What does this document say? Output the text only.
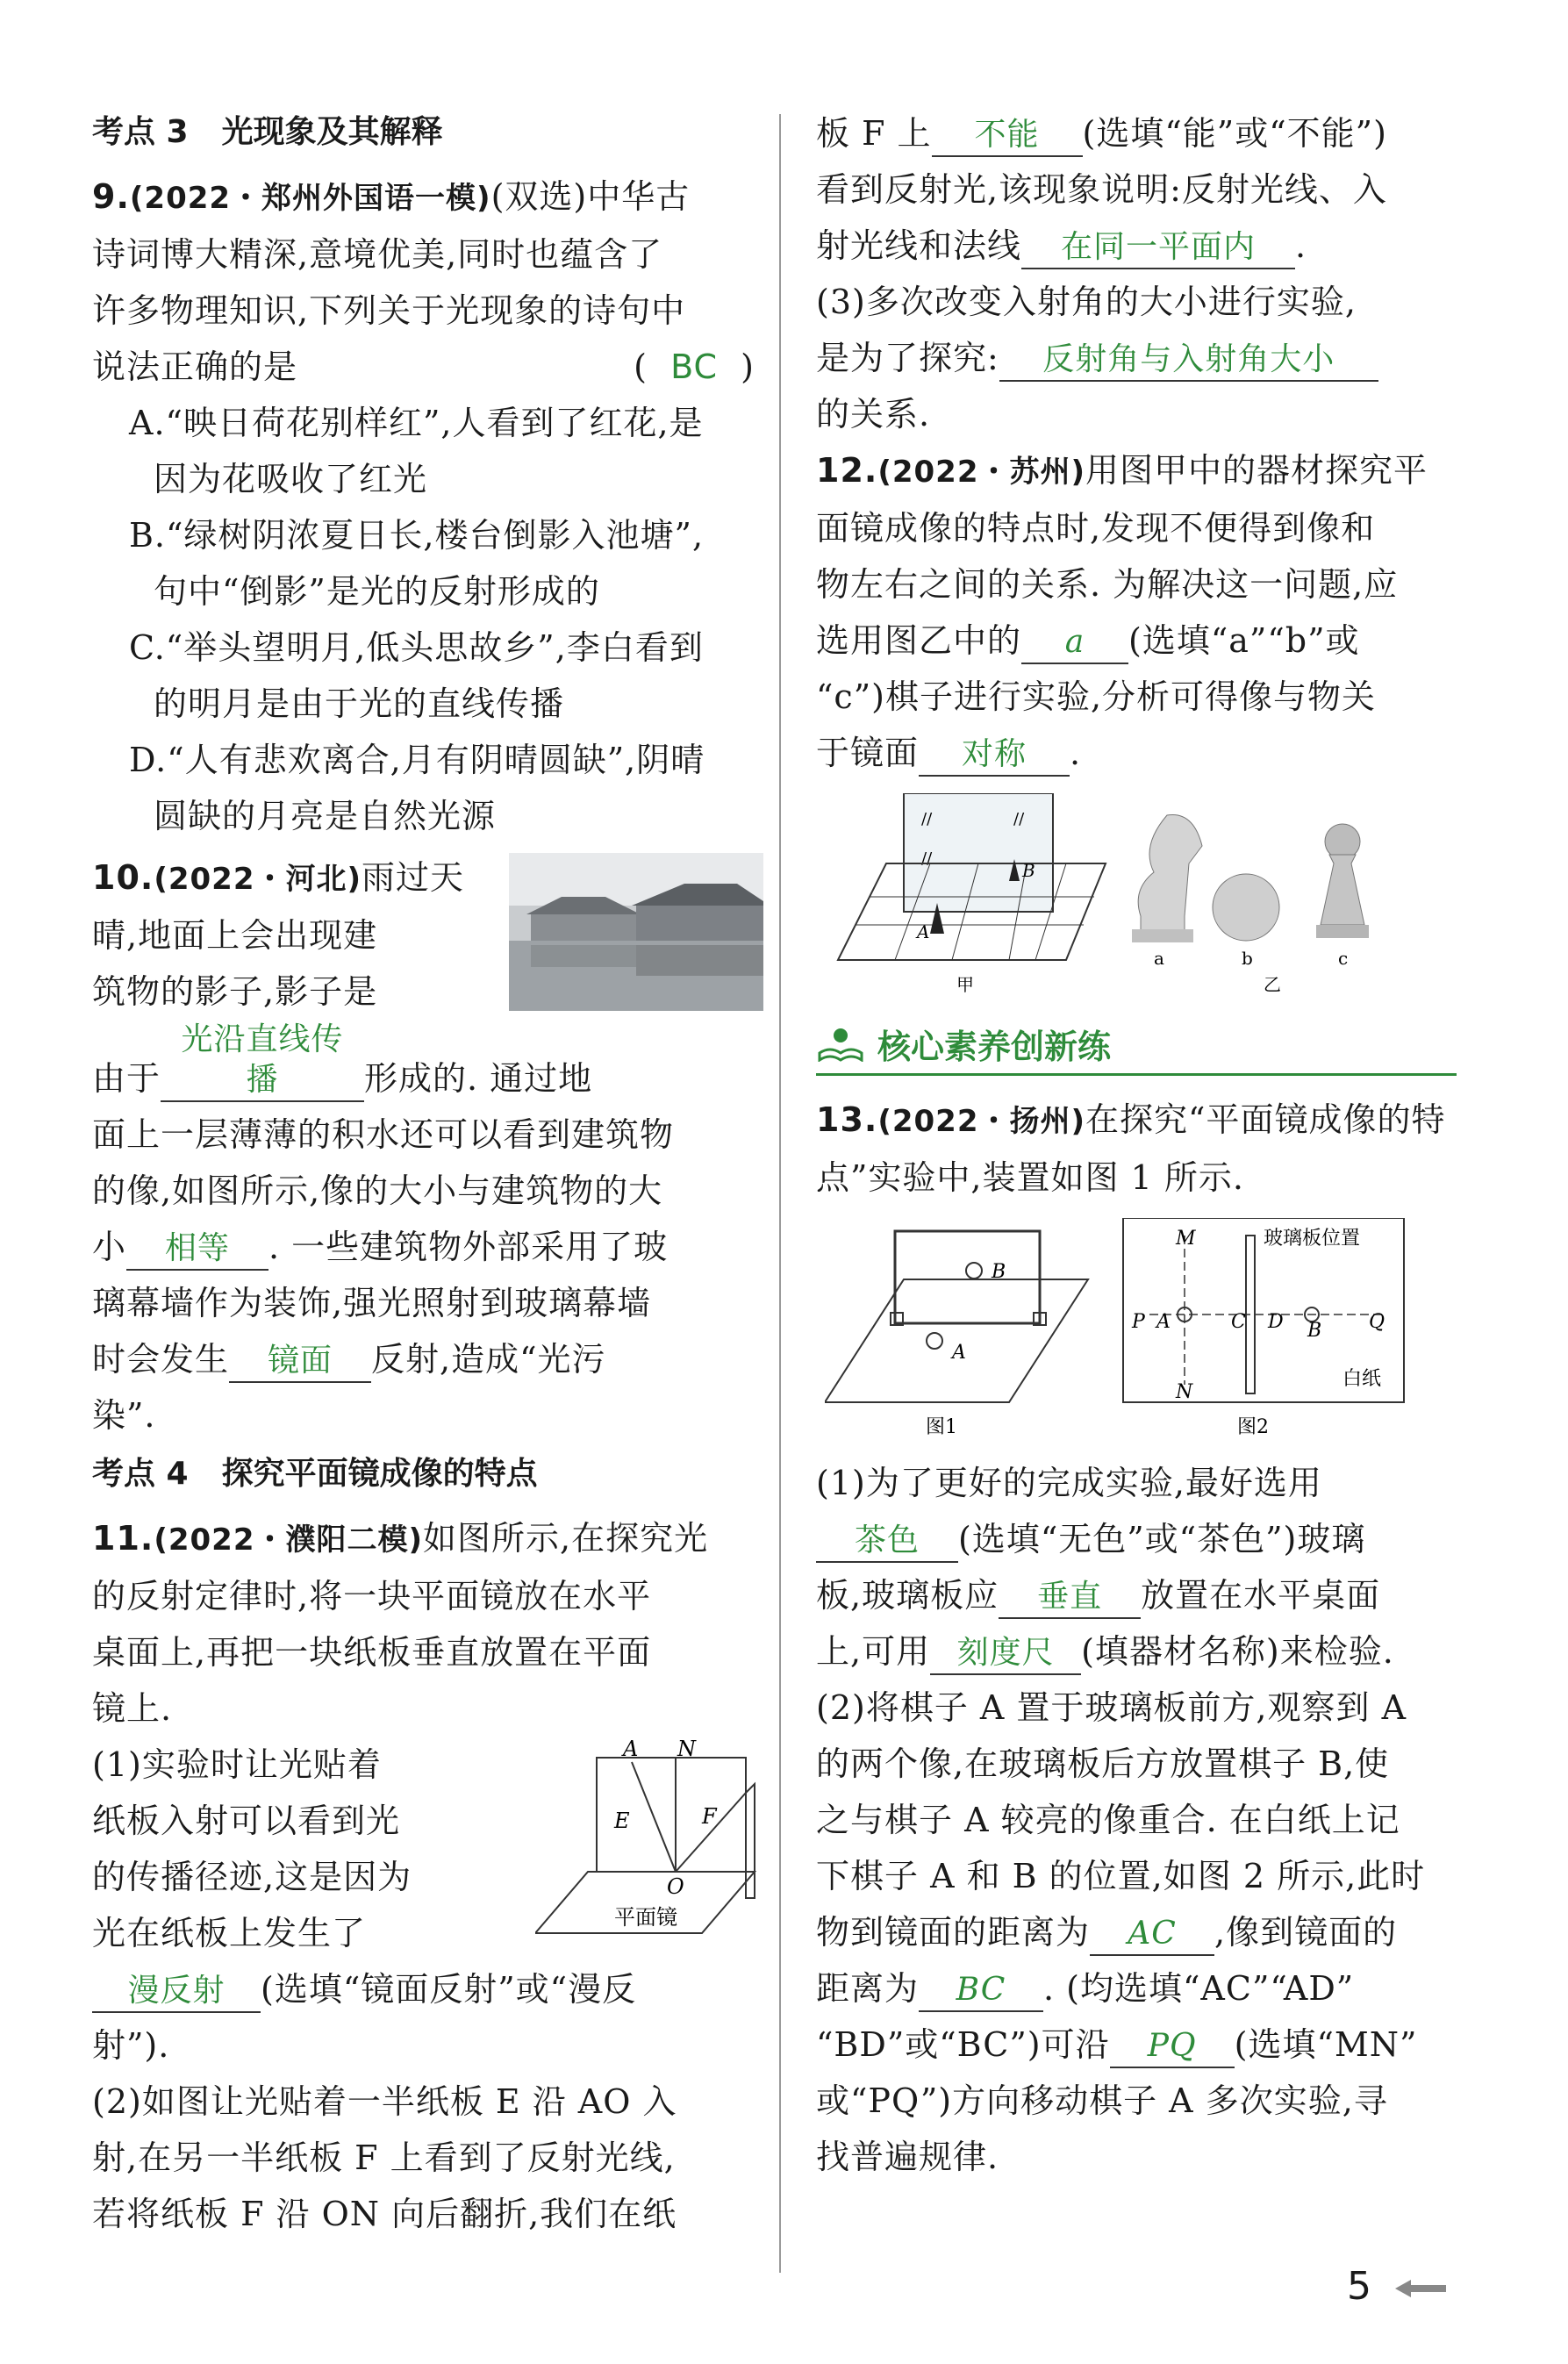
考点 3 光现象及其解释

9.(2022・郑州外国语一模)(双选)中华古

诗词博大精深,意境优美,同时也蕴含了

许多物理知识,下列关于光现象的诗句中

说法正确的是	(  BC  )

A.“映日荷花别样红”,人看到了红花,是

因为花吸收了红光

B.“绿树阴浓夏日长,楼台倒影入池塘”,

句中“倒影”是光的反射形成的

C.“举头望明月,低头思故乡”,李白看到

的明月是由于光的直线传播

D.“人有悲欢离合,月有阴晴圆缺”,阴晴

圆缺的月亮是自然光源

10.(2022・河北)雨过天

晴,地面上会出现建

筑物的影子,影子是

由于光沿直线传播	形成的. 通过地

面上一层薄薄的积水还可以看到建筑物

的像,如图所示,像的大小与建筑物的大

小 相等 . 一些建筑物外部采用了玻

璃幕墙作为装饰,强光照射到玻璃幕墙

时会发生 镜面 反射,造成“光污

染”.

考点 4 探究平面镜成像的特点

11.(2022・濮阳二模)如图所示,在探究光

的反射定律时,将一块平面镜放在水平

桌面上,再把一块纸板垂直放置在平面

镜上.

A N
E	F
O
平面镜

(1)实验时让光贴着

纸板入射可以看到光

的传播径迹,这是因为

光在纸板上发生了

漫反射 (选填“镜面反射”或“漫反

射”).

(2)如图让光贴着一半纸板 E 沿 AO 入

射,在另一半纸板 F 上看到了反射光线,

若将纸板 F 沿 ON 向后翻折,我们在纸

板 F 上 不能 (选填“能”或“不能”)

看到反射光,该现象说明:反射光线、入

射光线和法线 在同一平面内 .

(3)多次改变入射角的大小进行实验,

是为了探究: 反射角与入射角大小

的关系.

12.(2022・苏州)用图甲中的器材探究平

面镜成像的特点时,发现不便得到像和

物左右之间的关系. 为解决这一问题,应

选用图乙中的 a (选填“a”“b”或

“c”)棋子进行实验,分析可得像与物关

于镜面 对称 .

//	//
//
A
B
甲
a	b	c
乙
核心素养创新练

13.(2022・扬州)在探究“平面镜成像的特

点”实验中,装置如图 1 所示.

B
A
图1
玻璃板位置
白纸
M
N
P A	C D B Q
图2

(1)为了更好的完成实验,最好选用

茶色 (选填“无色”或“茶色”)玻璃

板,玻璃板应 垂直 放置在水平桌面

上,可用 刻度尺 (填器材名称)来检验.

(2)将棋子 A 置于玻璃板前方,观察到 A

的两个像,在玻璃板后方放置棋子 B,使

之与棋子 A 较亮的像重合. 在白纸上记

下棋子 A 和 B 的位置,如图 2 所示,此时

物到镜面的距离为 AC ,像到镜面的

距离为 BC . (均选填“AC”“AD”

“BD”或“BC”)可沿 PQ (选填“MN”

或“PQ”)方向移动棋子 A 多次实验,寻

找普遍规律.

5
